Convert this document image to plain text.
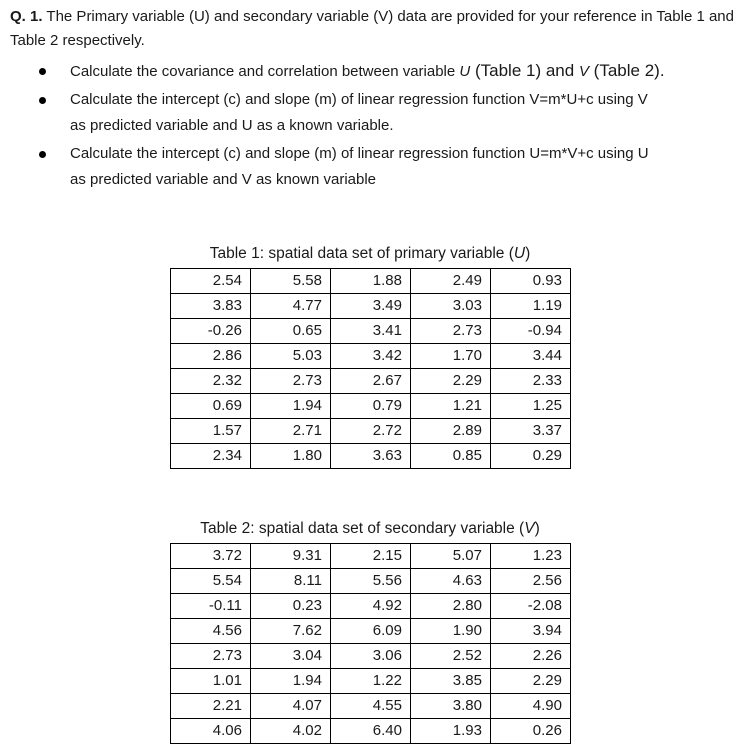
Q. 1. The Primary variable (U) and secondary variable (V) data are provided for your reference in Table 1 and Table 2 respectively.
Calculate the covariance and correlation between variable U (Table 1) and V (Table 2).
Calculate the intercept (c) and slope (m) of linear regression function V=m*U+c using V
as predicted variable and U as a known variable.
Calculate the intercept (c) and slope (m) of linear regression function U=m*V+c using U
as predicted variable and V as known variable
Table 1: spatial data set of primary variable (U)
2.54	5.58	1.88	2.49	0.93
3.83	4.77	3.49	3.03	1.19
-0.26	0.65	3.41	2.73	-0.94
2.86	5.03	3.42	1.70	3.44
2.32	2.73	2.67	2.29	2.33
0.69	1.94	0.79	1.21	1.25
1.57	2.71	2.72	2.89	3.37
2.34	1.80	3.63	0.85	0.29
Table 2: spatial data set of secondary variable (V)
3.72	9.31	2.15	5.07	1.23
5.54	8.11	5.56	4.63	2.56
-0.11	0.23	4.92	2.80	-2.08
4.56	7.62	6.09	1.90	3.94
2.73	3.04	3.06	2.52	2.26
1.01	1.94	1.22	3.85	2.29
2.21	4.07	4.55	3.80	4.90
4.06	4.02	6.40	1.93	0.26
